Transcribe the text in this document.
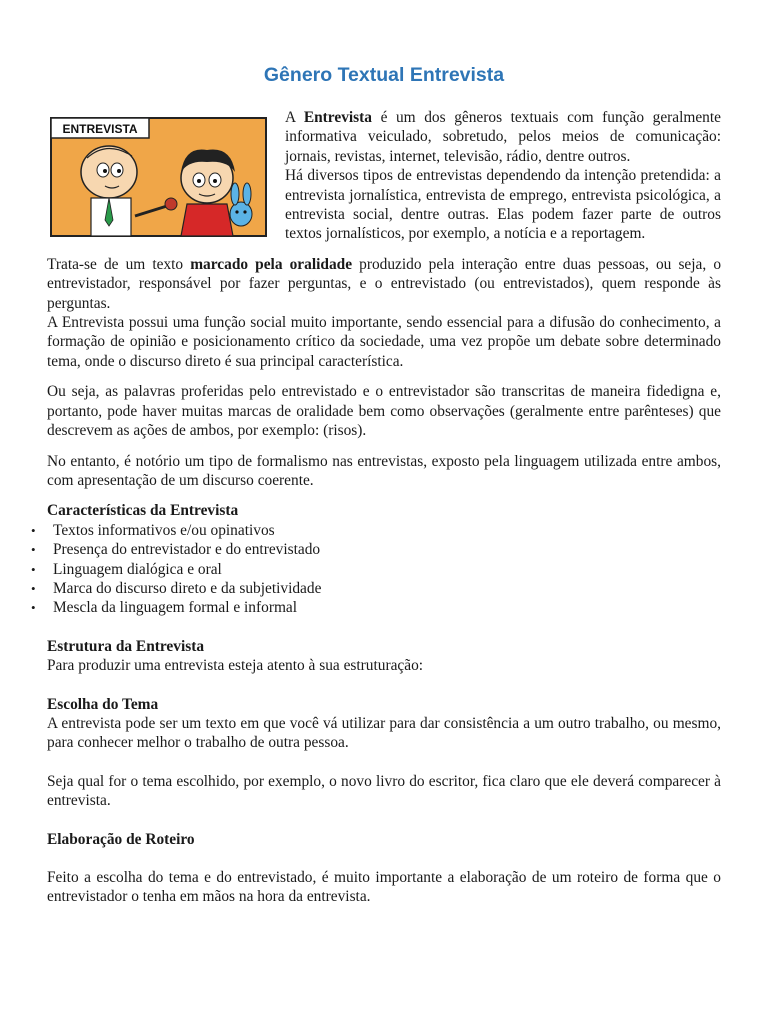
Gênero Textual Entrevista
ENTREVISTA

A Entrevista é um dos gêneros textuais com função geralmente informativa veiculado, sobretudo, pelos meios de comunicação: jornais, revistas, internet, televisão, rádio, dentre outros.

Há diversos tipos de entrevistas dependendo da intenção pretendida: a entrevista jornalística, entrevista de emprego, entrevista psicológica, a entrevista social, dentre outras. Elas podem fazer parte de outros textos jornalísticos, por exemplo, a notícia e a reportagem.

Trata-se de um texto marcado pela oralidade produzido pela interação entre duas pessoas, ou seja, o entrevistador, responsável por fazer perguntas, e o entrevistado (ou entrevistados), quem responde às perguntas.

A Entrevista possui uma função social muito importante, sendo essencial para a difusão do conhecimento, a formação de opinião e posicionamento crítico da sociedade, uma vez propõe um debate sobre determinado tema, onde o discurso direto é sua principal característica.

Ou seja, as palavras proferidas pelo entrevistado e o entrevistador são transcritas de maneira fidedigna e, portanto, pode haver muitas marcas de oralidade bem como observações (geralmente entre parênteses) que descrevem as ações de ambos, por exemplo: (risos).

No entanto, é notório um tipo de formalismo nas entrevistas, exposto pela linguagem utilizada entre ambos, com apresentação de um discurso coerente.

Características da Entrevista
• Textos informativos e/ou opinativos
• Presença do entrevistador e do entrevistado
• Linguagem dialógica e oral
• Marca do discurso direto e da subjetividade
• Mescla da linguagem formal e informal
Estrutura da Entrevista

Para produzir uma entrevista esteja atento à sua estruturação:

Escolha do Tema

A entrevista pode ser um texto em que você vá utilizar para dar consistência a um outro trabalho, ou mesmo, para conhecer melhor o trabalho de outra pessoa.

Seja qual for o tema escolhido, por exemplo, o novo livro do escritor, fica claro que ele deverá comparecer à entrevista.

Elaboração de Roteiro

Feito a escolha do tema e do entrevistado, é muito importante a elaboração de um roteiro de forma que o entrevistador o tenha em mãos na hora da entrevista.
